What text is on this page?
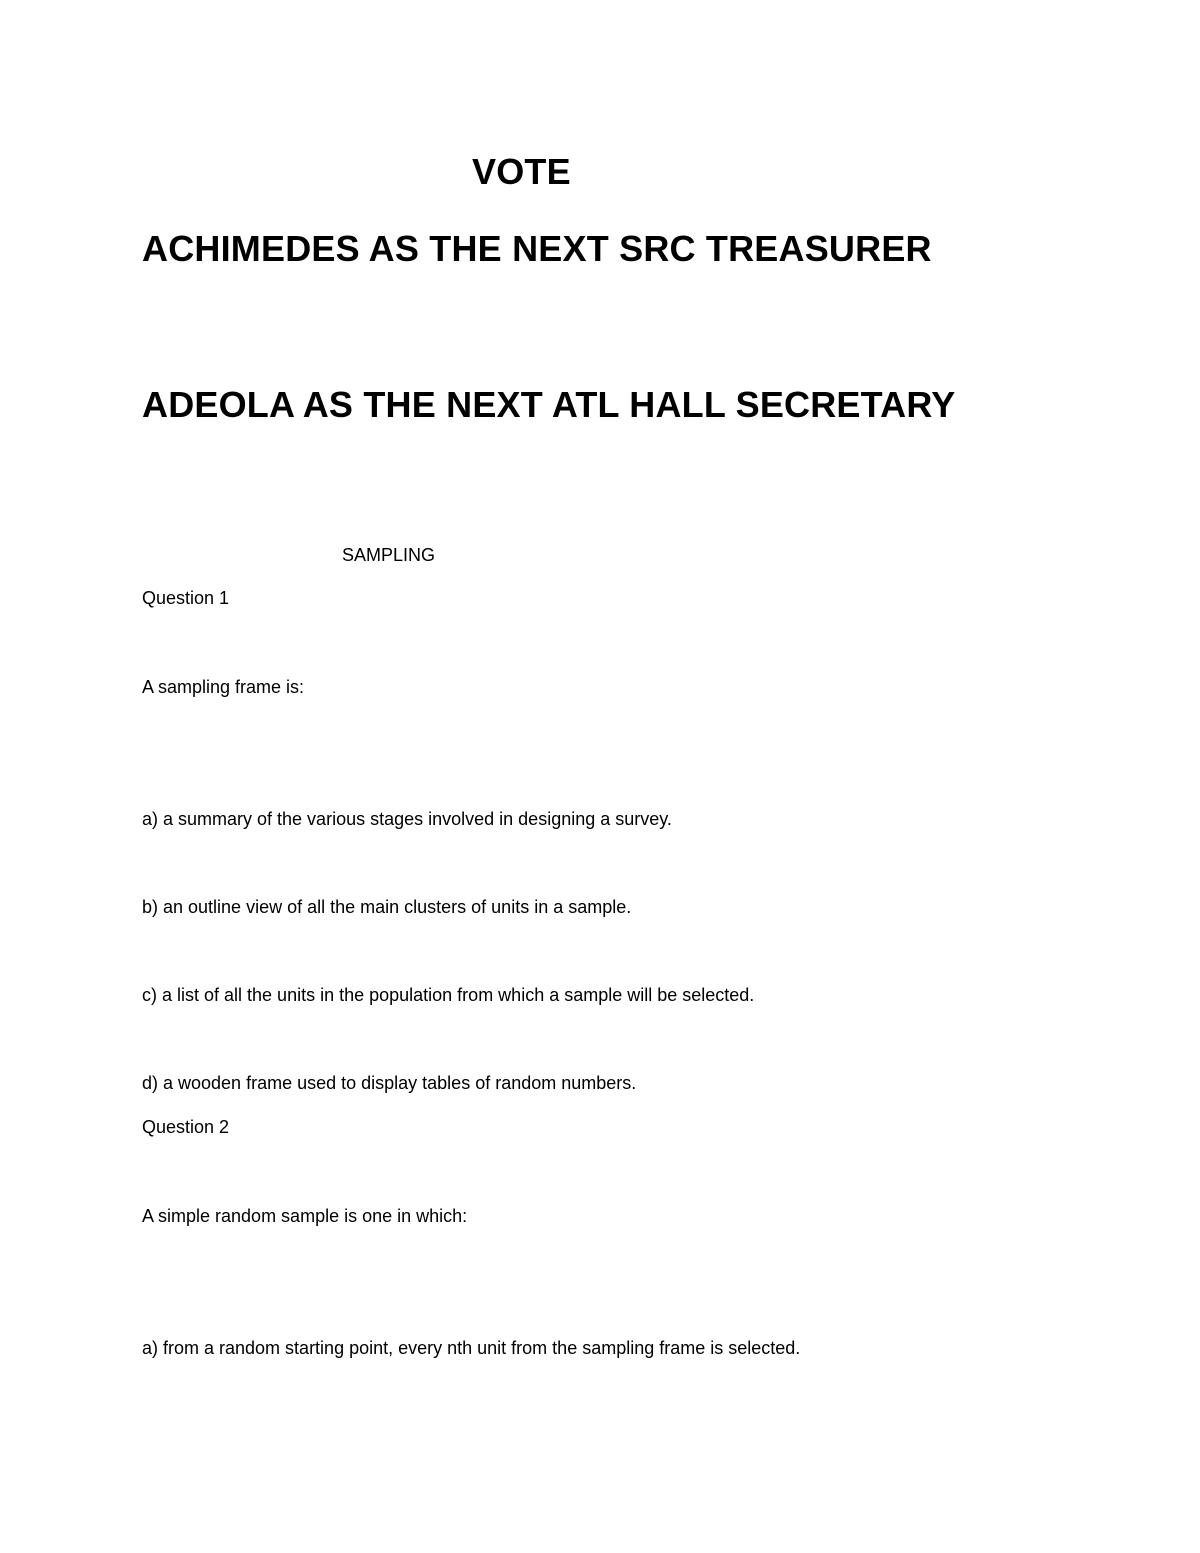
VOTE
ACHIMEDES AS THE NEXT SRC TREASURER
ADEOLA AS THE NEXT ATL HALL SECRETARY
SAMPLING
Question 1
A sampling frame is:
a) a summary of the various stages involved in designing a survey.
b) an outline view of all the main clusters of units in a sample.
c) a list of all the units in the population from which a sample will be selected.
d) a wooden frame used to display tables of random numbers.
Question 2
A simple random sample is one in which:
a) from a random starting point, every nth unit from the sampling frame is selected.
